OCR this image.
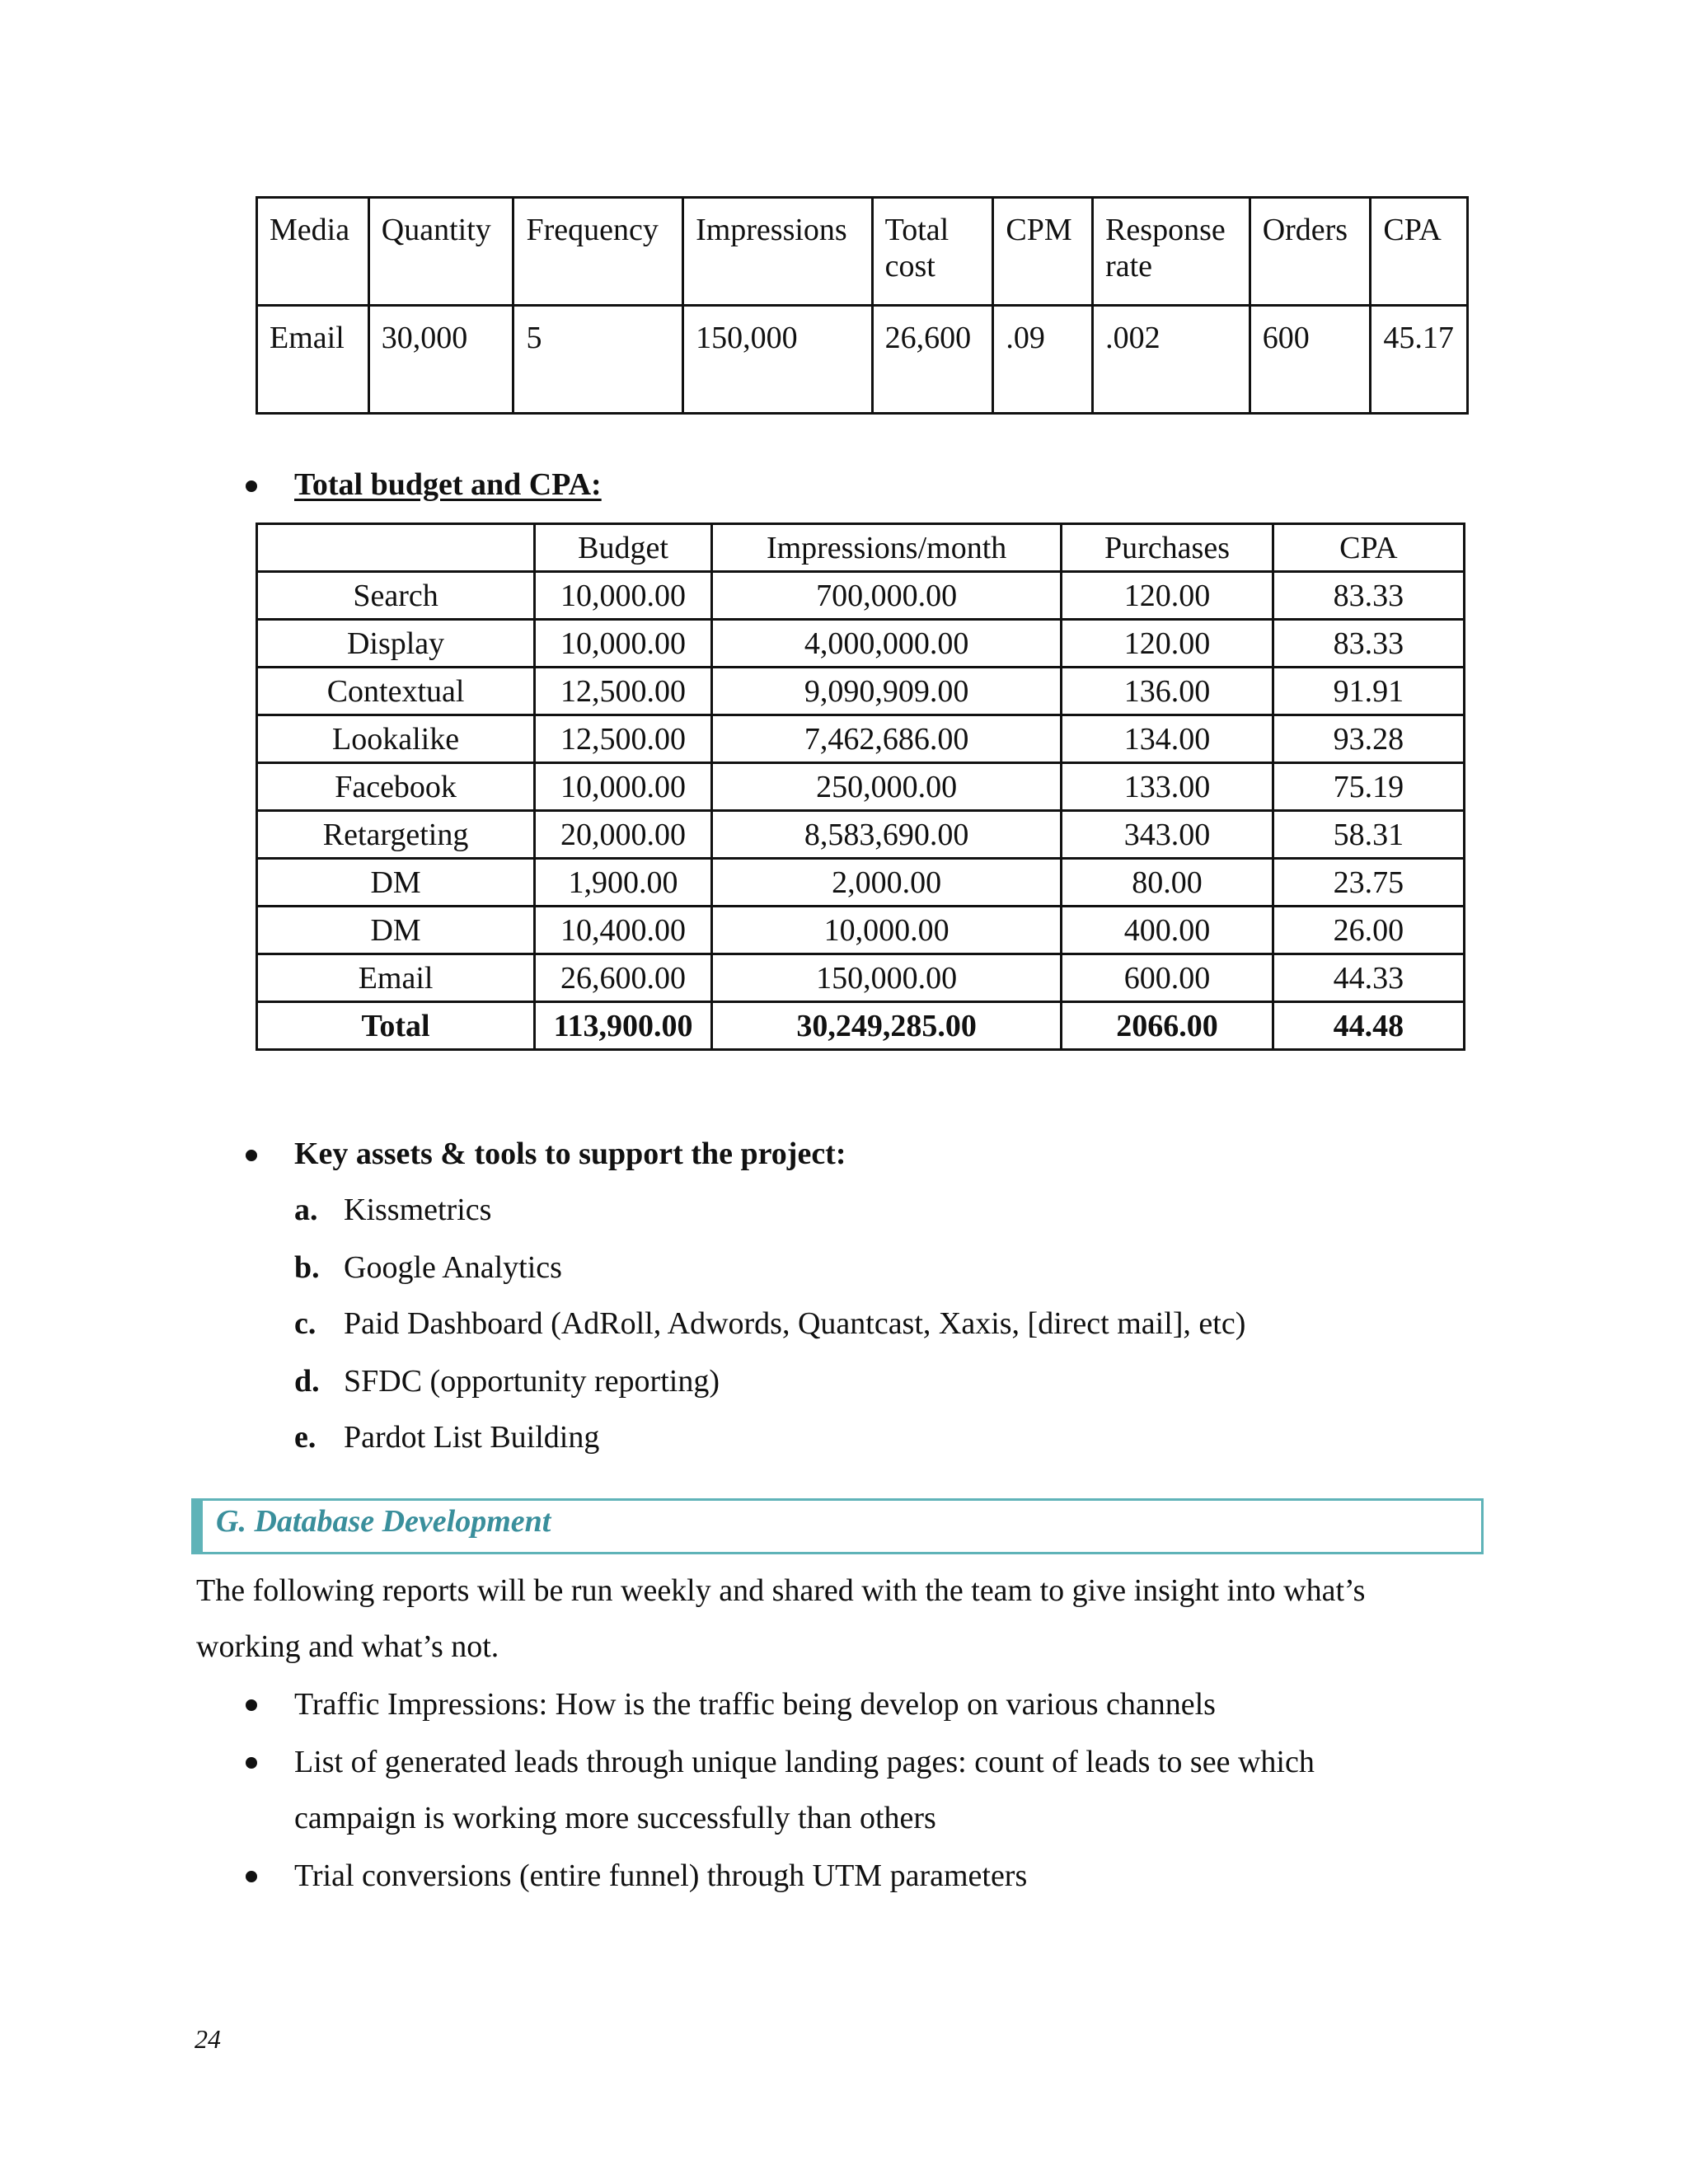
Media	Quantity	Frequency	Impressions	Total cost	CPM	Response rate	Orders	CPA
Email	30,000	5	150,000	26,600	.09	.002	600	45.17
Total budget and CPA:
	Budget	Impressions/month	Purchases	CPA
Search	10,000.00	700,000.00	120.00	83.33
Display	10,000.00	4,000,000.00	120.00	83.33
Contextual	12,500.00	9,090,909.00	136.00	91.91
Lookalike	12,500.00	7,462,686.00	134.00	93.28
Facebook	10,000.00	250,000.00	133.00	75.19
Retargeting	20,000.00	8,583,690.00	343.00	58.31
DM	1,900.00	2,000.00	80.00	23.75
DM	10,400.00	10,000.00	400.00	26.00
Email	26,600.00	150,000.00	600.00	44.33
Total	113,900.00	30,249,285.00	2066.00	44.48
Key assets & tools to support the project:
a. Kissmetrics
b. Google Analytics
c. Paid Dashboard (AdRoll, Adwords, Quantcast, Xaxis, [direct mail], etc)
d. SFDC (opportunity reporting)
e. Pardot List Building
G. Database Development
The following reports will be run weekly and shared with the team to give insight into what’s
working and what’s not.
Traffic Impressions: How is the traffic being develop on various channels
List of generated leads through unique landing pages: count of leads to see which
campaign is working more successfully than others
Trial conversions (entire funnel) through UTM parameters
24
